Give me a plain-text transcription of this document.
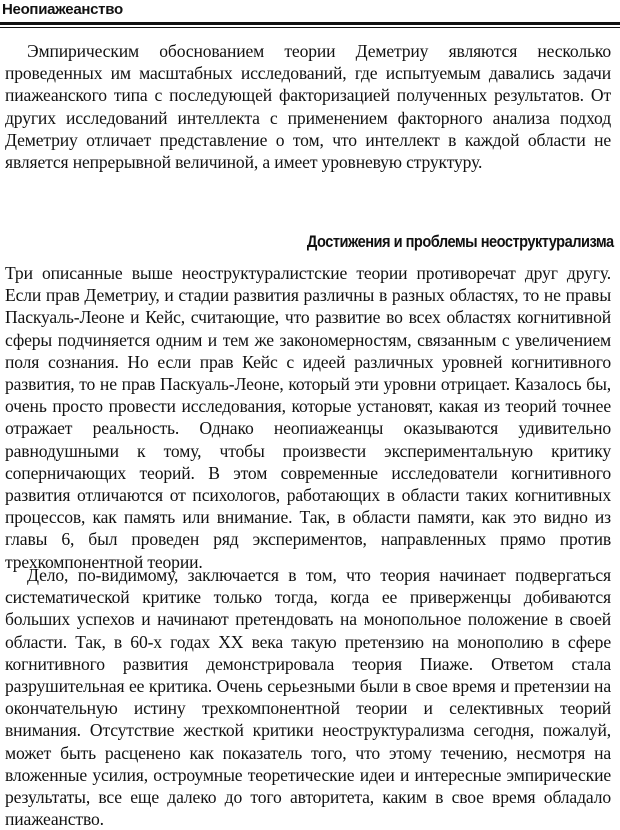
Неопиажеанство

Эмпирическим обоснованием теории Деметриу являются несколько проведенных им масштабных исследований, где испытуемым давались задачи пиажеанского типа с последующей факторизацией полученных результатов. От других исследований интеллекта с применением факторного анализа подход Деметриу отличает представление о том, что интеллект в каждой области не является непрерывной величиной, а имеет уровневую структуру.

Достижения и проблемы неоструктурализма

Три описанные выше неоструктуралистские теории противоречат друг другу. Если прав Деметриу, и стадии развития различны в разных областях, то не правы Паскуаль-Леоне и Кейс, считающие, что развитие во всех областях когнитивной сферы подчиняется одним и тем же закономерностям, связанным с увеличением поля сознания. Но если прав Кейс с идеей различных уровней когнитивного развития, то не прав Паскуаль-Леоне, который эти уровни отрицает. Казалось бы, очень просто провести исследования, которые установят, какая из теорий точнее отражает реальность. Однако неопиажеанцы оказываются удивительно равнодушными к тому, чтобы произвести экспериментальную критику соперничающих теорий. В этом современные исследователи когнитивного развития отличаются от психологов, работающих в области таких когнитивных процессов, как память или внимание. Так, в области памяти, как это видно из главы 6, был проведен ряд экспериментов, направленных прямо против трехкомпонентной теории.

Дело, по-видимому, заключается в том, что теория начинает подвергаться систематической критике только тогда, когда ее приверженцы добиваются больших успехов и начинают претендовать на монопольное положение в своей области. Так, в 60-х годах XX века такую претензию на монополию в сфере когнитивного развития демонстрировала теория Пиаже. Ответом стала разрушительная ее критика. Очень серьезными были в свое время и претензии на окончательную истину трехкомпонентной теории и селективных теорий внимания. Отсутствие жесткой критики неоструктурализма сегодня, пожалуй, может быть расценено как показатель того, что этому течению, несмотря на вложенные усилия, остроумные теоретические идеи и интересные эмпирические результаты, все еще далеко до того авторитета, каким в свое время обладало пиажеанство.
